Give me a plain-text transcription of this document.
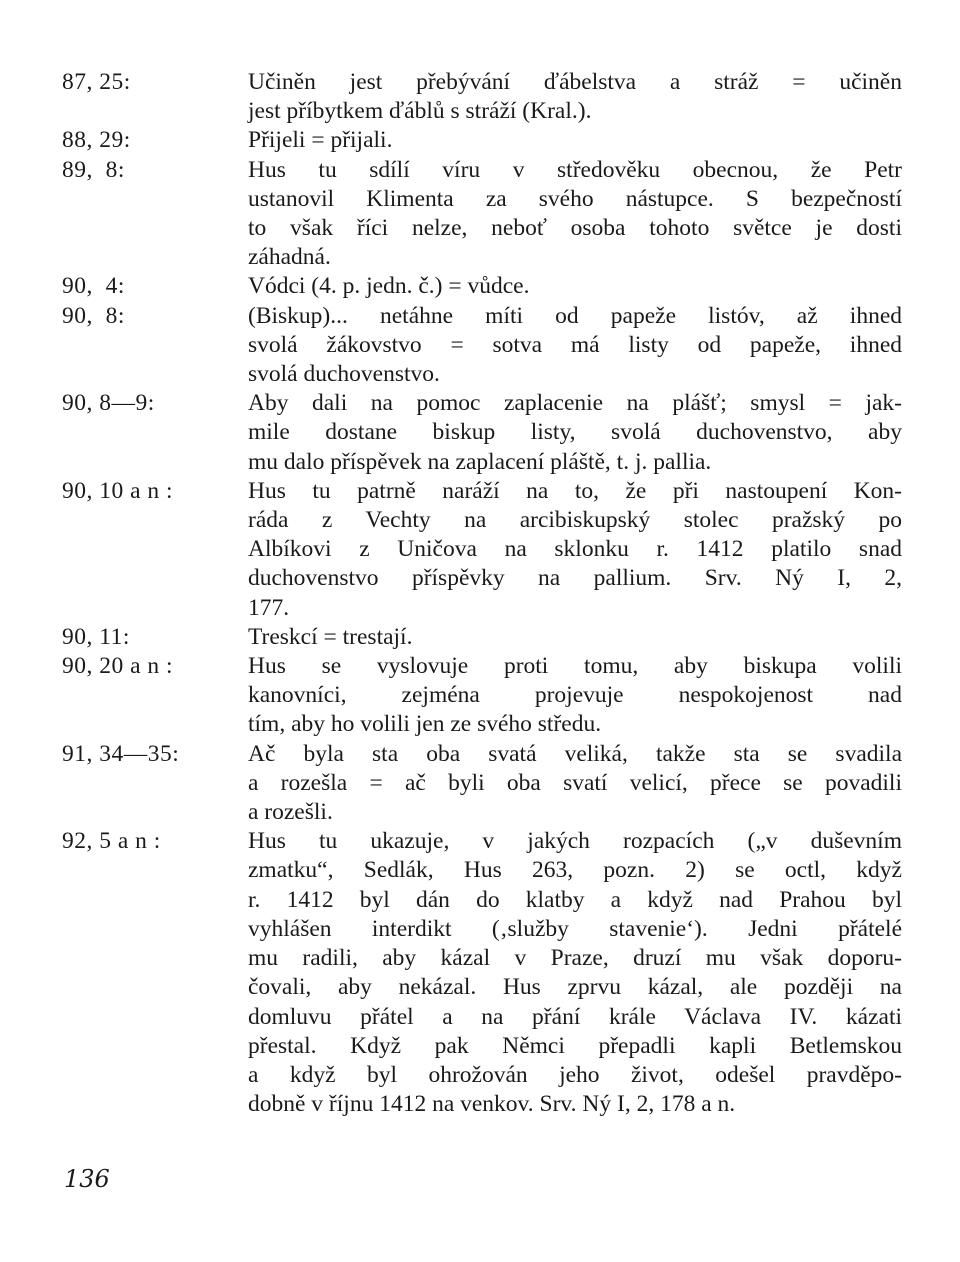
87, 25:	Učiněn jest přebývání ďábelstva a stráž = učiněn
jest příbytkem ďáblů s stráží (Kral.).
88, 29:	Přijeli = přijali.
89,  8:	Hus tu sdílí víru v středověku obecnou, že Petr
ustanovil Klimenta za svého nástupce. S bezpečností
to však říci nelze, neboť osoba tohoto světce je dosti
záhadná.
90,  4:	Vódci (4. p. jedn. č.) = vůdce.
90,  8:	(Biskup)... netáhne míti od papeže listóv, až ihned
svolá žákovstvo = sotva má listy od papeže, ihned
svolá duchovenstvo.
90, 8—9:	Aby dali na pomoc zaplacenie na plášť; smysl = jak-
mile dostane biskup listy, svolá duchovenstvo, aby
mu dalo příspěvek na zaplacení pláště, t. j. pallia.
90, 10 a n :	Hus tu patrně naráží na to, že při nastoupení Kon-
ráda z Vechty na arcibiskupský stolec pražský po
Albíkovi z Uničova na sklonku r. 1412 platilo snad
duchovenstvo příspěvky na pallium. Srv. Ný I, 2,
177.
90, 11:	Treskcí = trestají.
90, 20 a n :	Hus se vyslovuje proti tomu, aby biskupa volili
kanovníci, zejména projevuje nespokojenost nad
tím, aby ho volili jen ze svého středu.
91, 34—35:	Ač byla sta oba svatá veliká, takže sta se svadila
a rozešla = ač byli oba svatí velicí, přece se povadili
a rozešli.
92, 5 a n :	Hus tu ukazuje, v jakých rozpacích („v duševním
zmatku“, Sedlák, Hus 263, pozn. 2) se octl, když
r. 1412 byl dán do klatby a když nad Prahou byl
vyhlášen interdikt (‚služby stavenie‘). Jedni přátelé
mu radili, aby kázal v Praze, druzí mu však doporu-
čovali, aby nekázal. Hus zprvu kázal, ale později na
domluvu přátel a na přání krále Václava IV. kázati
přestal. Když pak Němci přepadli kapli Betlemskou
a když byl ohrožován jeho život, odešel pravděpo-
dobně v říjnu 1412 na venkov. Srv. Ný I, 2, 178 a n.
136
